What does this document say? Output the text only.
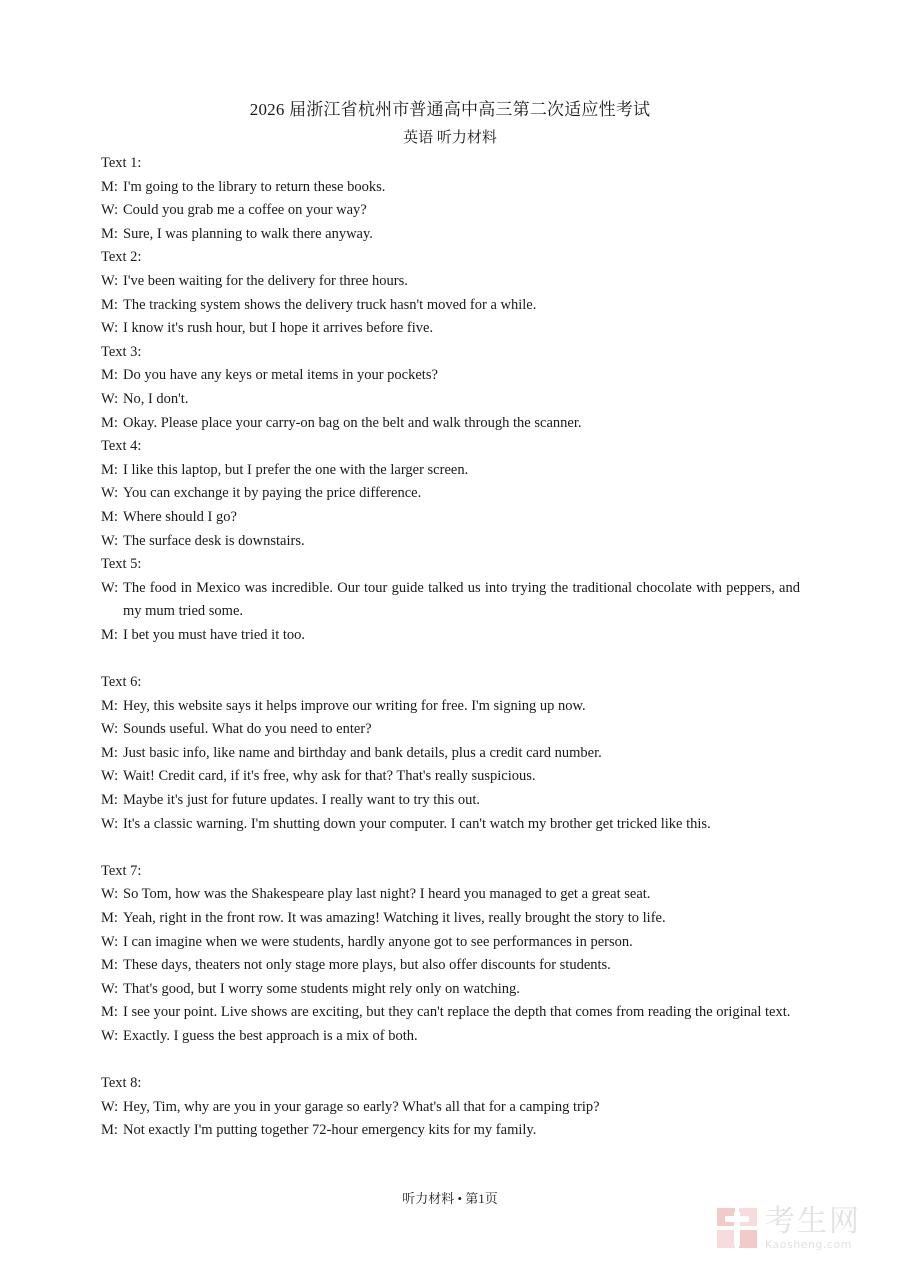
2026 届浙江省杭州市普通高中高三第二次适应性考试
英语 听力材料

Text 1:

M: I'm going to the library to return these books.
W: Could you grab me a coffee on your way?
M: Sure, I was planning to walk there anyway.

Text 2:

W: I've been waiting for the delivery for three hours.
M: The tracking system shows the delivery truck hasn't moved for a while.
W: I know it's rush hour, but I hope it arrives before five.

Text 3:

M: Do you have any keys or metal items in your pockets?
W: No, I don't.
M: Okay. Please place your carry-on bag on the belt and walk through the scanner.

Text 4:

M: I like this laptop, but I prefer the one with the larger screen.
W: You can exchange it by paying the price difference.
M: Where should I go?
W: The surface desk is downstairs.

Text 5:

W: The food in Mexico was incredible. Our tour guide talked us into trying the traditional chocolate with peppers, and my mum tried some.
M: I bet you must have tried it too.

Text 6:

M: Hey, this website says it helps improve our writing for free. I'm signing up now.
W: Sounds useful. What do you need to enter?
M: Just basic info, like name and birthday and bank details, plus a credit card number.
W: Wait! Credit card, if it's free, why ask for that? That's really suspicious.
M: Maybe it's just for future updates. I really want to try this out.
W: It's a classic warning. I'm shutting down your computer. I can't watch my brother get tricked like this.

Text 7:

W: So Tom, how was the Shakespeare play last night? I heard you managed to get a great seat.
M: Yeah, right in the front row. It was amazing! Watching it lives, really brought the story to life.
W: I can imagine when we were students, hardly anyone got to see performances in person.
M: These days, theaters not only stage more plays, but also offer discounts for students.
W: That's good, but I worry some students might rely only on watching.
M: I see your point. Live shows are exciting, but they can't replace the depth that comes from reading the original text.
W: Exactly. I guess the best approach is a mix of both.

Text 8:

W: Hey, Tim, why are you in your garage so early? What's all that for a camping trip?
M: Not exactly I'm putting together 72-hour emergency kits for my family.
听力材料 • 第1页
考生网
Kaosheng.com
